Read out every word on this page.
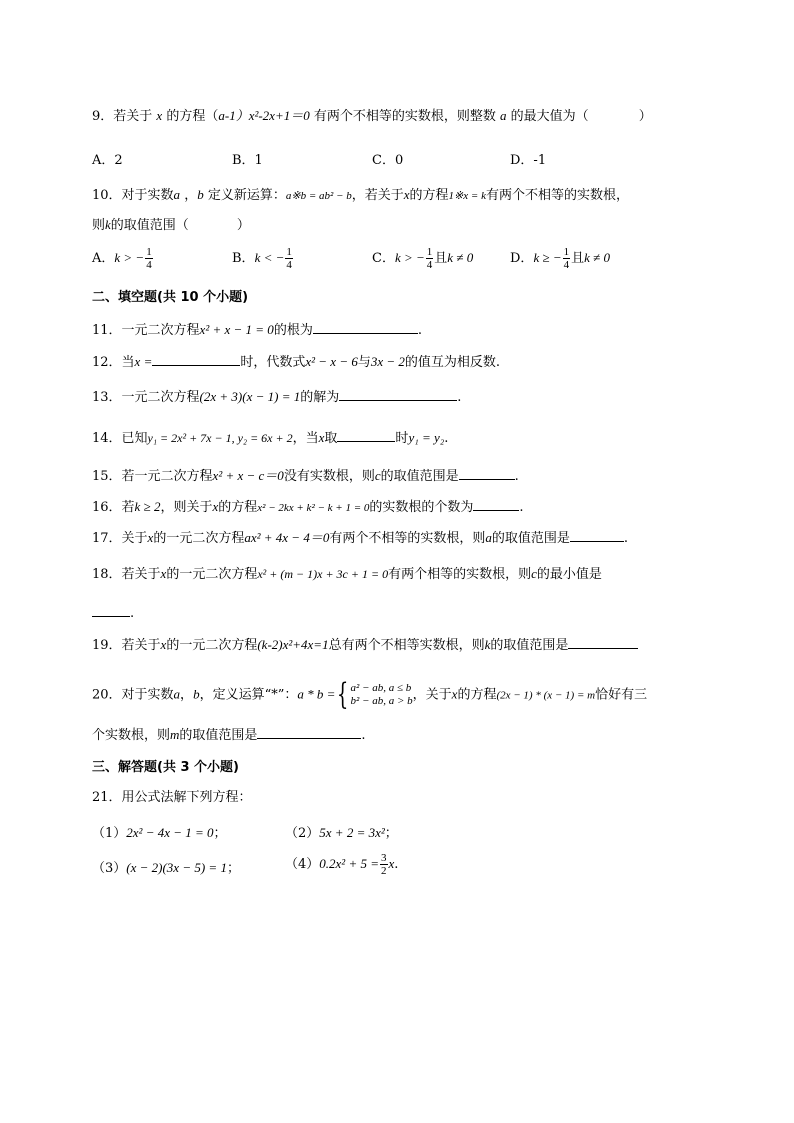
9．若关于 x 的方程（a-1）x²-2x+1＝0 有两个不相等的实数根，则整数 a 的最大值为（	）
A．2	B．1	C．0	D．-1
10．对于实数a ，b 定义新运算：a※b = ab² − b，若关于x的方程1※x = k有两个不相等的实数根，
则k的取值范围（	）
A．k > − $\frac{1}{4}$	B．k < − $\frac{1}{4}$	C．k > − $\frac{1}{4}$ 且k ≠ 0	D．k ≥ − $\frac{1}{4}$ 且k ≠ 0
二、填空题(共 10 个小题)
11．一元二次方程x² + x − 1 = 0的根为	.
12．当x =	时，代数式x² − x − 6与3x − 2的值互为相反数.
13．一元二次方程(2x + 3)(x − 1) = 1的解为	.
14．已知y₁ = 2x² + 7x − 1, y₂ = 6x + 2，当x取	时y₁ = y₂.
15．若一元二次方程x² + x − c＝0没有实数根，则c的取值范围是	.
16．若k ≥ 2，则关于x的方程x² − 2kx + k² − k + 1 = 0的实数根的个数为	.
17．关于x的一元二次方程ax² + 4x − 4＝0有两个不相等的实数根，则a的取值范围是	.
18．若关于x的一元二次方程x² + (m − 1)x + 3c + 1 = 0有两个相等的实数根，则c的最小值是
.
19．若关于x的一元二次方程(k-2)x²+4x=1总有两个不相等实数根，则k的取值范围是
20．对于实数a，b，定义运算“*”：a * b ={ a² − ab, a ≤ b
b² − ab, a > b ，关于x的方程(2x − 1) * (x − 1) = m恰好有三
个实数根，则m的取值范围是	.
三、解答题(共 3 个小题)
21．用公式法解下列方程：
（1）2x² − 4x − 1 = 0；	（2）5x + 2 = 3x²；
（3）(x − 2)(3x − 5) = 1；	$(4)0.2x^2 + 5 = \frac{3}{2} x$.
